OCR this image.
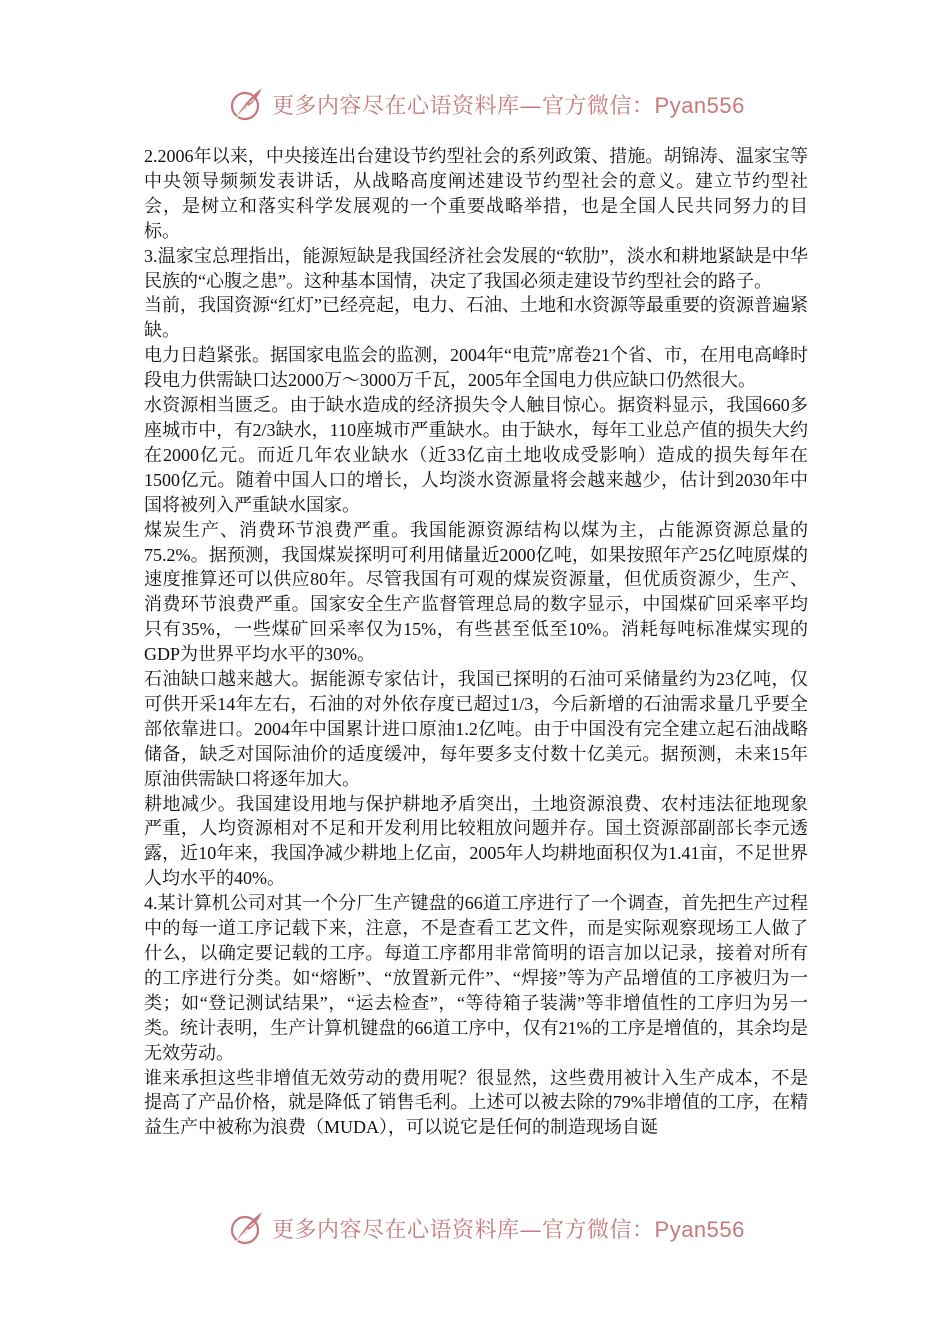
更多内容尽在心语资料库—官方微信：Pyan556

2.2006年以来，中央接连出台建设节约型社会的系列政策、措施。胡锦涛、温家宝等中央领导频频发表讲话，从战略高度阐述建设节约型社会的意义。建立节约型社会，是树立和落实科学发展观的一个重要战略举措，也是全国人民共同努力的目标。

3.温家宝总理指出，能源短缺是我国经济社会发展的“软肋”，淡水和耕地紧缺是中华民族的“心腹之患”。这种基本国情，决定了我国必须走建设节约型社会的路子。

当前，我国资源“红灯”已经亮起，电力、石油、土地和水资源等最重要的资源普遍紧缺。

电力日趋紧张。据国家电监会的监测，2004年“电荒”席卷21个省、市，在用电高峰时段电力供需缺口达2000万～3000万千瓦，2005年全国电力供应缺口仍然很大。

水资源相当匮乏。由于缺水造成的经济损失令人触目惊心。据资料显示，我国660多座城市中，有2/3缺水，110座城市严重缺水。由于缺水，每年工业总产值的损失大约在2000亿元。而近几年农业缺水（近33亿亩土地收成受影响）造成的损失每年在1500亿元。随着中国人口的增长，人均淡水资源量将会越来越少，估计到2030年中国将被列入严重缺水国家。

煤炭生产、消费环节浪费严重。我国能源资源结构以煤为主，占能源资源总量的75.2%。据预测，我国煤炭探明可利用储量近2000亿吨，如果按照年产25亿吨原煤的速度推算还可以供应80年。尽管我国有可观的煤炭资源量，但优质资源少，生产、消费环节浪费严重。国家安全生产监督管理总局的数字显示，中国煤矿回采率平均只有35%，一些煤矿回采率仅为15%，有些甚至低至10%。消耗每吨标准煤实现的GDP为世界平均水平的30%。

石油缺口越来越大。据能源专家估计，我国已探明的石油可采储量约为23亿吨，仅可供开采14年左右，石油的对外依存度已超过1/3，今后新增的石油需求量几乎要全部依靠进口。2004年中国累计进口原油1.2亿吨。由于中国没有完全建立起石油战略储备，缺乏对国际油价的适度缓冲，每年要多支付数十亿美元。据预测，未来15年原油供需缺口将逐年加大。

耕地减少。我国建设用地与保护耕地矛盾突出，土地资源浪费、农村违法征地现象严重，人均资源相对不足和开发利用比较粗放问题并存。国土资源部副部长李元透露，近10年来，我国净减少耕地上亿亩，2005年人均耕地面积仅为1.41亩，不足世界人均水平的40%。

4.某计算机公司对其一个分厂生产键盘的66道工序进行了一个调查，首先把生产过程中的每一道工序记载下来，注意，不是查看工艺文件，而是实际观察现场工人做了什么，以确定要记载的工序。每道工序都用非常简明的语言加以记录，接着对所有的工序进行分类。如“熔断”、“放置新元件”、“焊接”等为产品增值的工序被归为一类；如“登记测试结果”，“运去检查”，“等待箱子装满”等非增值性的工序归为另一类。统计表明，生产计算机键盘的66道工序中，仅有21%的工序是增值的，其余均是无效劳动。

谁来承担这些非增值无效劳动的费用呢？很显然，这些费用被计入生产成本，不是提高了产品价格，就是降低了销售毛利。上述可以被去除的79%非增值的工序，在精益生产中被称为浪费（MUDA），可以说它是任何的制造现场自诞

更多内容尽在心语资料库—官方微信：Pyan556
